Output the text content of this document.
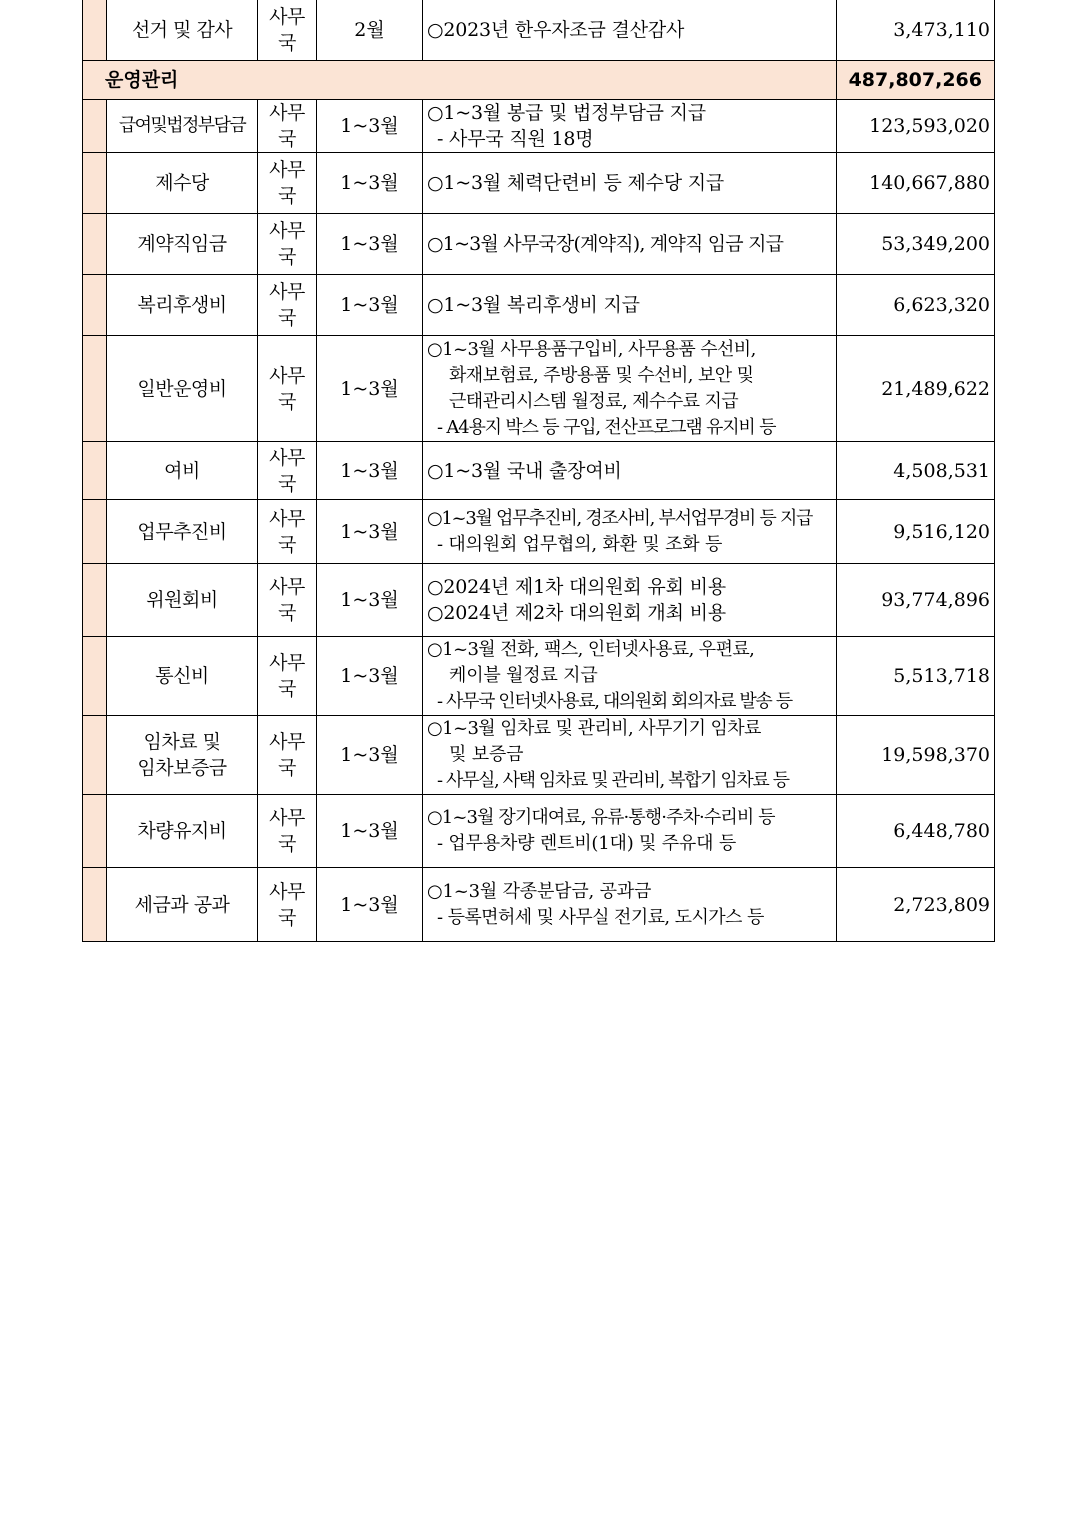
	선거 및 감사	사무국	2월	○2023년 한우자조금 결산감사	3,473,110
운영관리					487,807,266
	급여및법정부담금	사무국	1~3월	○1~3월 봉급 및 법정부담금 지급
- 사무국 직원 18명	123,593,020
	제수당	사무국	1~3월	○1~3월 체력단련비 등 제수당 지급	140,667,880
	계약직임금	사무국	1~3월	○1~3월 사무국장(계약직), 계약직 임금 지급	53,349,200
	복리후생비	사무국	1~3월	○1~3월 복리후생비 지급	6,623,320
	일반운영비	사무국	1~3월	○1~3월 사무용품구입비, 사무용품 수선비,
화재보험료, 주방용품 및 수선비, 보안 및
근태관리시스템 월정료, 제수수료 지급
- A4용지 박스 등 구입, 전산프로그램 유지비 등	21,489,622
	여비	사무국	1~3월	○1~3월 국내 출장여비	4,508,531
	업무추진비	사무국	1~3월	○1~3월 업무추진비, 경조사비, 부서업무경비 등 지급
- 대의원회 업무협의, 화환 및 조화 등	9,516,120
	위원회비	사무국	1~3월	○2024년 제1차 대의원회 유회 비용
○2024년 제2차 대의원회 개최 비용	93,774,896
	통신비	사무국	1~3월	○1~3월 전화, 팩스, 인터넷사용료, 우편료,
케이블 월정료 지급
- 사무국 인터넷사용료, 대의원회 회의자료 발송 등	5,513,718

	임차료 및
임차보증금	사무국	1~3월	○1~3월 임차료 및 관리비, 사무기기 임차료
및 보증금
- 사무실, 사택 임차료 및 관리비, 복합기 임차료 등	19,598,370
	차량유지비	사무국	1~3월	○1~3월 장기대여료, 유류·통행·주차·수리비 등
- 업무용차량 렌트비(1대) 및 주유대 등	6,448,780
	세금과 공과	사무국	1~3월	○1~3월 각종분담금, 공과금
- 등록면허세 및 사무실 전기료, 도시가스 등	2,723,809
